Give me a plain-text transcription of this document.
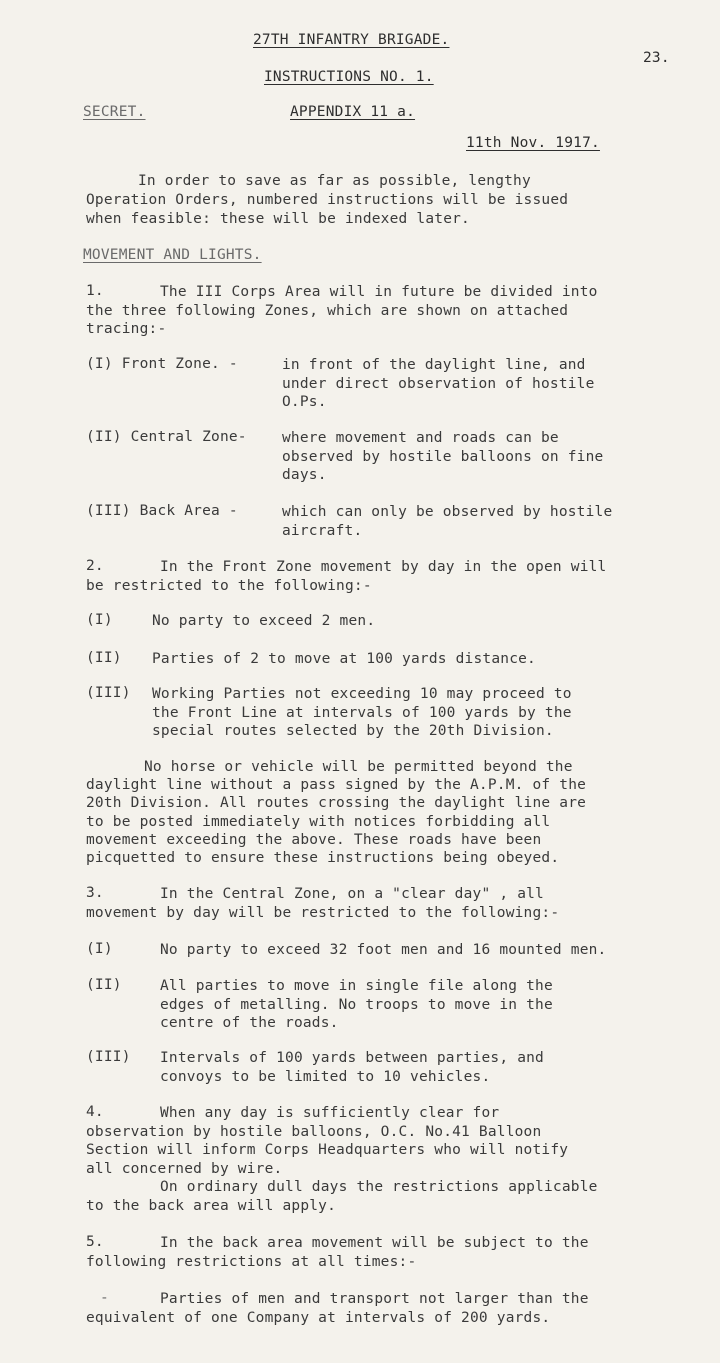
27TH INFANTRY BRIGADE.
23.
INSTRUCTIONS NO. 1.
SECRET.	APPENDIX 11 a.
11th Nov. 1917.
In order to save as far as possible, lengthy
Operation Orders, numbered instructions will be issued
when feasible: these will be indexed later.
MOVEMENT AND LIGHTS.
1.	The III Corps Area will in future be divided into
the three following Zones, which are shown on attached
tracing:-
(I) Front Zone. -	in front of the daylight line, and
under direct observation of hostile
O.Ps.
(II) Central Zone- where movement and roads can be
observed by hostile balloons on fine
days.
(III) Back Area -	which can only be observed by hostile
aircraft.
2.	In the Front Zone movement by day in the open will
be restricted to the following:-
(I)	No party to exceed 2 men.
(II) Parties of 2 to move at 100 yards distance.
(III) Working Parties not exceeding 10 may proceed to
the Front Line at intervals of 100 yards by the
special routes selected by the 20th Division.
No horse or vehicle will be permitted beyond the
daylight line without a pass signed by the A.P.M. of the
20th Division. All routes crossing the daylight line are
to be posted immediately with notices forbidding all
movement exceeding the above. These roads have been
picquetted to ensure these instructions being obeyed.
3.	In the Central Zone, on a "clear day" , all
movement by day will be restricted to the following:-
(I)	No party to exceed 32 foot men and 16 mounted men.
(II)	All parties to move in single file along the
edges of metalling. No troops to move in the
centre of the roads.
(III) Intervals of 100 yards between parties, and
convoys to be limited to 10 vehicles.
4.	When any day is sufficiently clear for
observation by hostile balloons, O.C. No.41 Balloon
Section will inform Corps Headquarters who will notify
all concerned by wire.
On ordinary dull days the restrictions applicable
to the back area will apply.
5.	In the back area movement will be subject to the
following restrictions at all times:-
-	Parties of men and transport not larger than the
equivalent of one Company at intervals of 200 yards.
